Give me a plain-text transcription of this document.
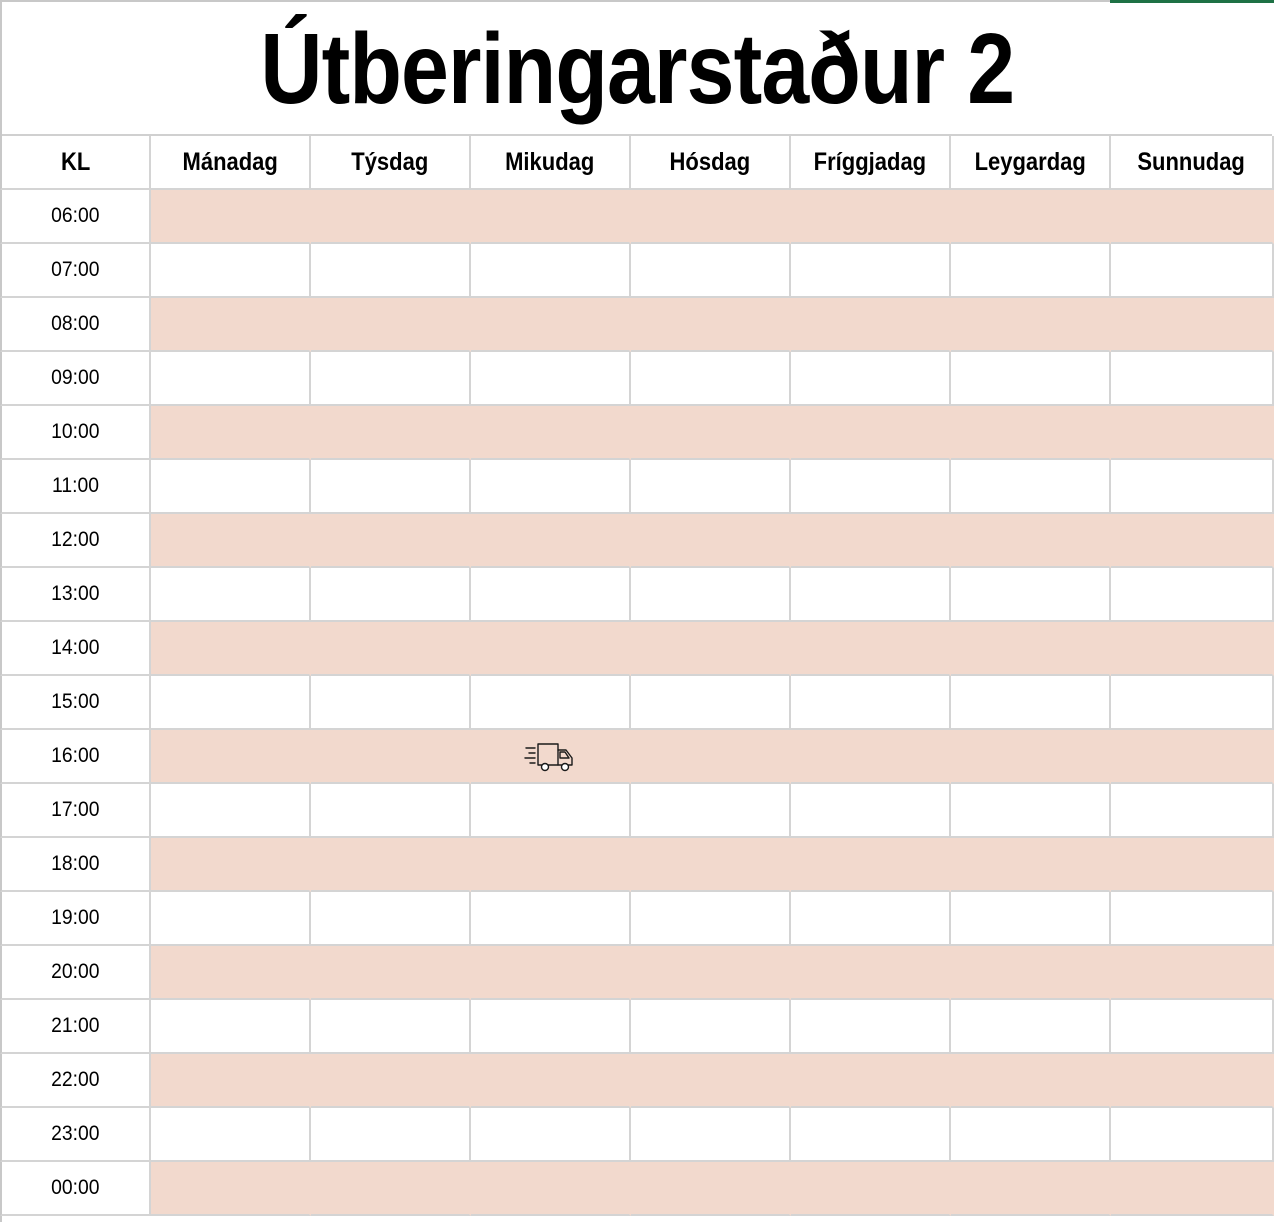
Útberingarstaður 2
KL	Mánadag	Týsdag	Mikudag	Hósdag	Fríggjadag Leygardag Sunnudag
06:00
07:00
08:00
09:00
10:00
11:00
12:00
13:00
14:00
15:00
16:00
17:00
18:00
19:00
20:00
21:00
22:00
23:00
00:00
